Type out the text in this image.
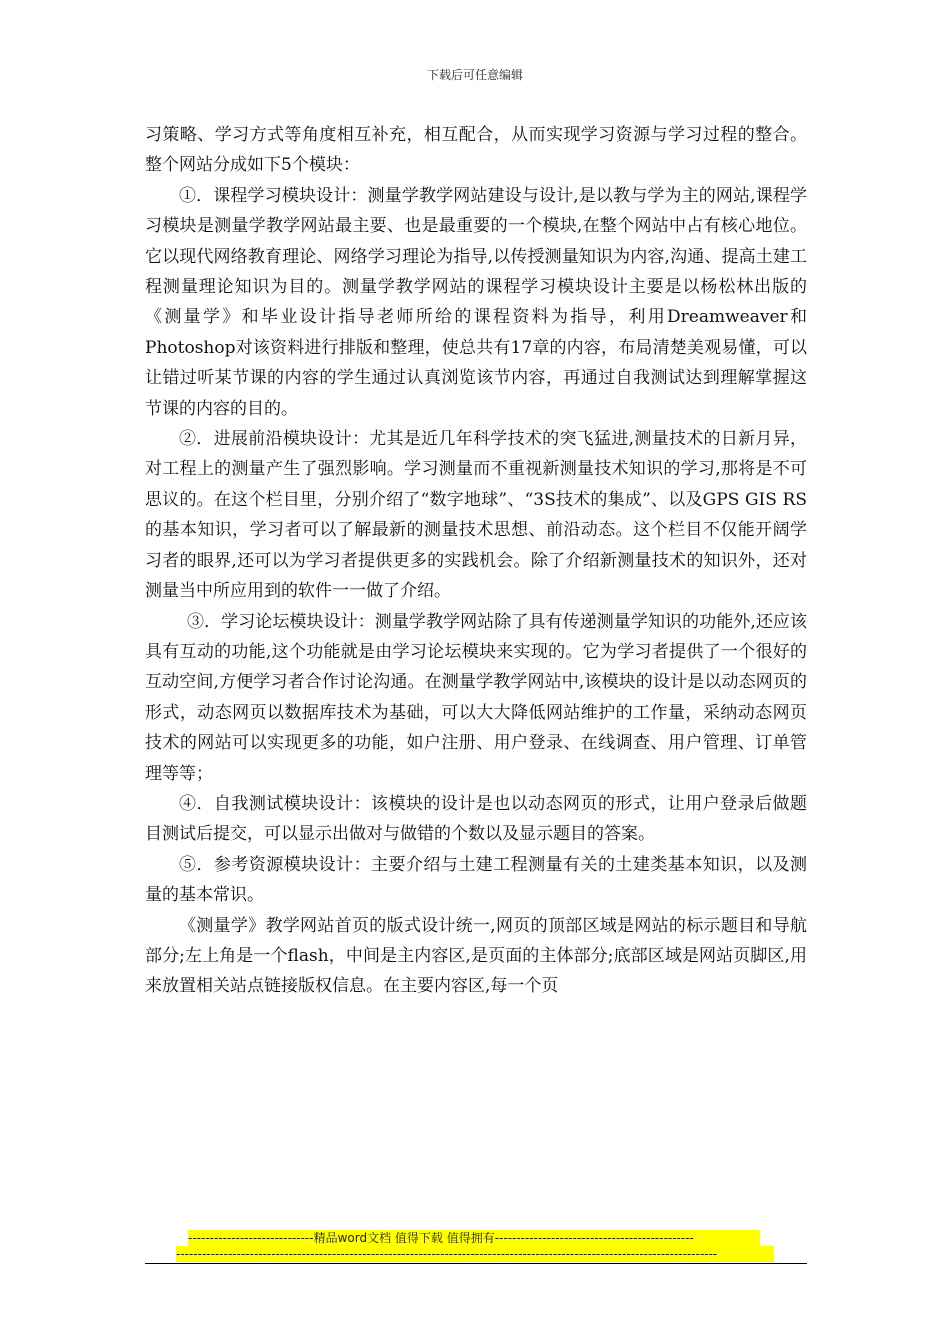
下载后可任意编辑

习策略、学习方式等角度相互补充，相互配合，从而实现学习资源与学习过程的整合。整个网站分成如下5个模块：

①．课程学习模块设计：测量学教学网站建设与设计,是以教与学为主的网站,课程学习模块是测量学教学网站最主要、也是最重要的一个模块,在整个网站中占有核心地位。它以现代网络教育理论、网络学习理论为指导,以传授测量知识为内容,沟通、提高土建工程测量理论知识为目的。测量学教学网站的课程学习模块设计主要是以杨松林出版的《测量学》和毕业设计指导老师所给的课程资料为指导，利用Dreamweaver和Photoshop对该资料进行排版和整理，使总共有17章的内容，布局清楚美观易懂，可以让错过听某节课的内容的学生通过认真浏览该节内容，再通过自我测试达到理解掌握这节课的内容的目的。

②．进展前沿模块设计：尤其是近几年科学技术的突飞猛进,测量技术的日新月异，对工程上的测量产生了强烈影响。学习测量而不重视新测量技术知识的学习,那将是不可思议的。在这个栏目里，分别介绍了“数字地球”、“3S技术的集成”、以及GPS GIS RS的基本知识，学习者可以了解最新的测量技术思想、前沿动态。这个栏目不仅能开阔学习者的眼界,还可以为学习者提供更多的实践机会。除了介绍新测量技术的知识外，还对测量当中所应用到的软件一一做了介绍。

③．学习论坛模块设计：测量学教学网站除了具有传递测量学知识的功能外,还应该具有互动的功能,这个功能就是由学习论坛模块来实现的。它为学习者提供了一个很好的互动空间,方便学习者合作讨论沟通。在测量学教学网站中,该模块的设计是以动态网页的形式，动态网页以数据库技术为基础，可以大大降低网站维护的工作量，采纳动态网页技术的网站可以实现更多的功能，如户注册、用户登录、在线调查、用户管理、订单管理等等；

④．自我测试模块设计：该模块的设计是也以动态网页的形式，让用户登录后做题目测试后提交，可以显示出做对与做错的个数以及显示题目的答案。

⑤．参考资源模块设计：主要介绍与土建工程测量有关的土建类基本知识，以及测量的基本常识。

《测量学》教学网站首页的版式设计统一,网页的顶部区域是网站的标示题目和导航部分;左上角是一个flash，中间是主内容区,是页面的主体部分;底部区域是网站页脚区,用来放置相关站点链接版权信息。在主要内容区,每一个页

-----------------------------精品word文档 值得下载 值得拥有----------------------------------------------
-----------------------------------------------------------------------------------------------------------------------------
